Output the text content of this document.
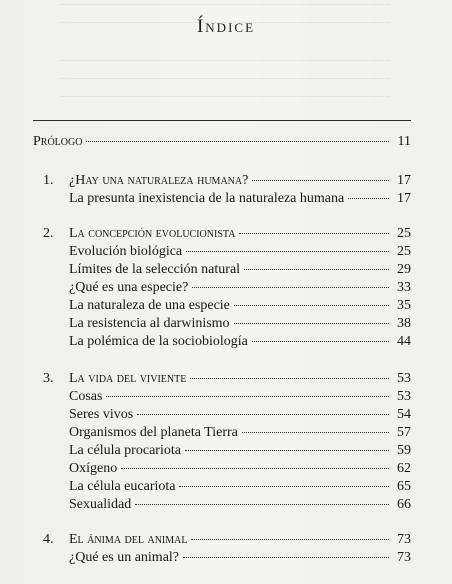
Índice
Prólogo	11
1.	¿Hay una naturaleza humana?	17
La presunta inexistencia de la naturaleza humana	17
2.	La concepción evolucionista	25
Evolución biológica	25
Límites de la selección natural	29
¿Qué es una especie?	33
La naturaleza de una especie	35
La resistencia al darwinismo	38
La polémica de la sociobiología	44
3.	La vida del viviente	53
Cosas	53
Seres vivos	54
Organismos del planeta Tierra	57
La célula procariota	59
Oxígeno	62
La célula eucariota	65
Sexualidad	66
4.	El ánima del animal	73
¿Qué es un animal?	73
